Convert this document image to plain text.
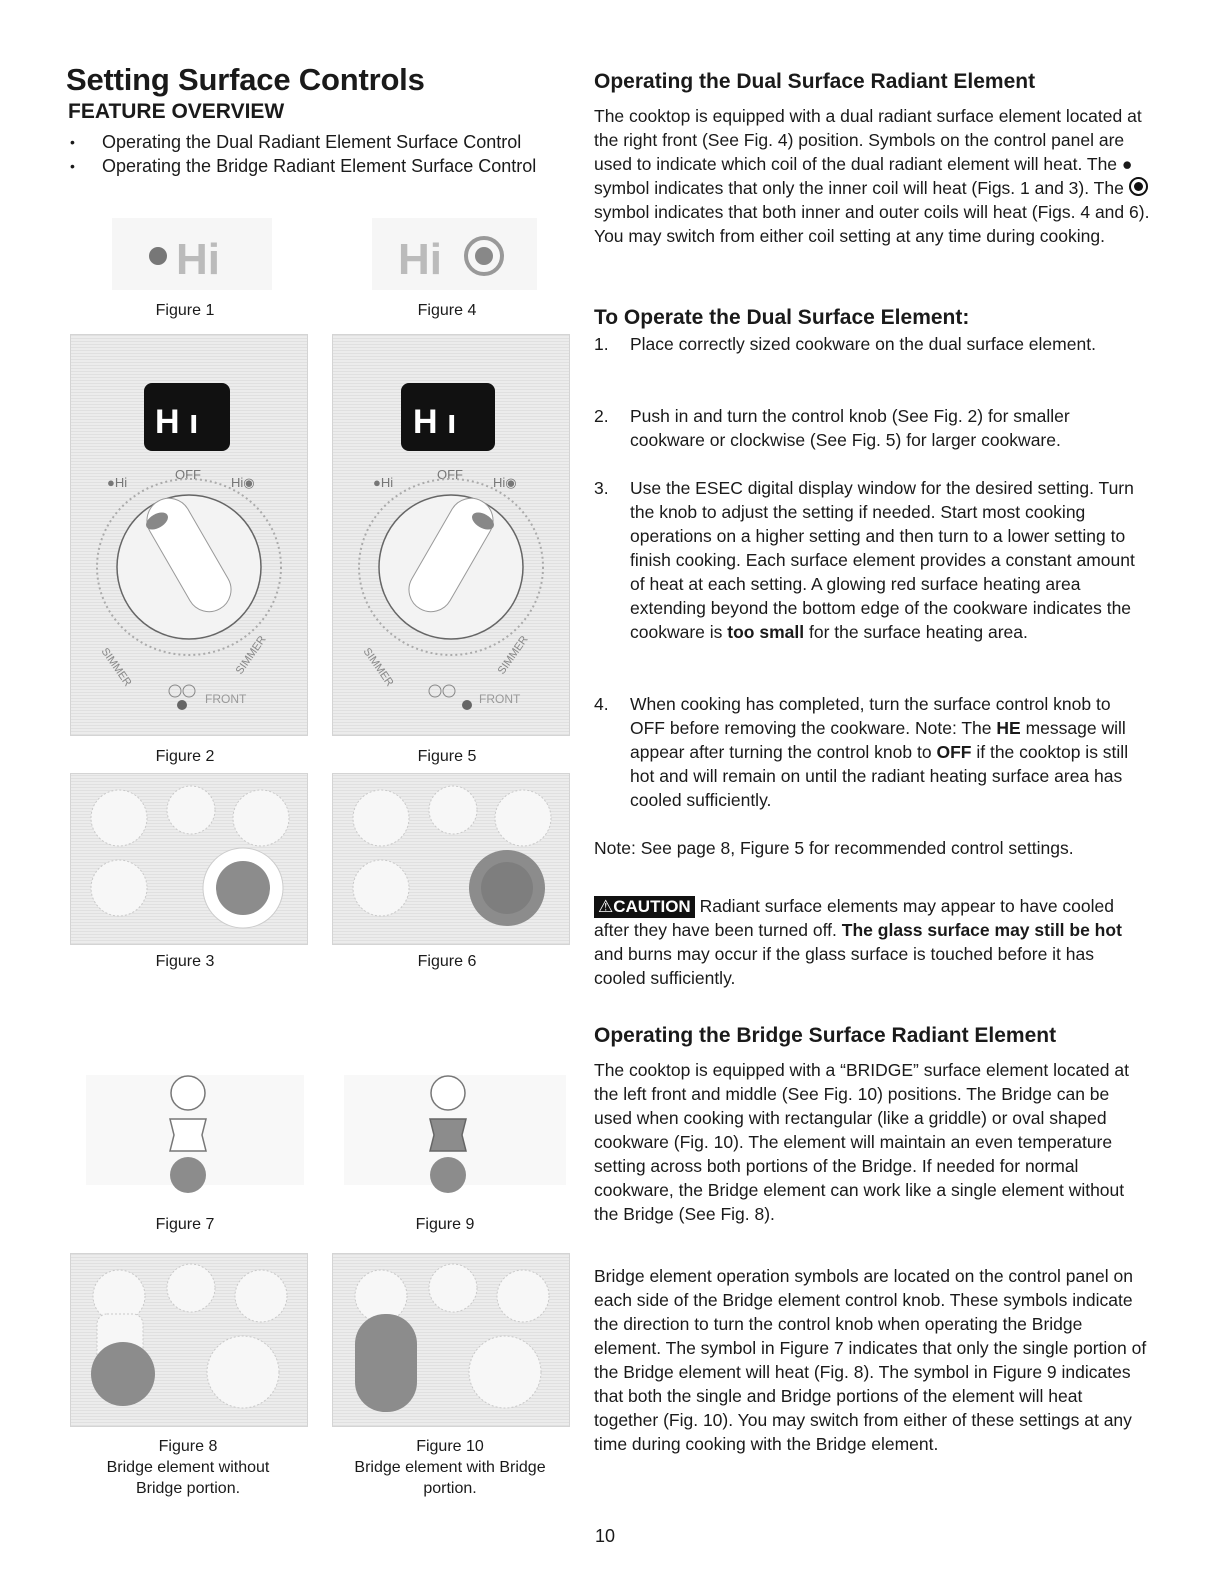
Setting Surface Controls
FEATURE OVERVIEW
• Operating the Dual Radiant Element Surface Control
• Operating the Bridge Radiant Element Surface Control
Hi
Figure 1
Hi
Figure 4
H ı
●Hi
OFF
Hi◉
SIMMER	SIMMER
FRONT
Figure 2
H ı
●Hi
OFF
Hi◉
SIMMER	SIMMER
FRONT
Figure 5
Figure 3	Figure 6
Figure 7	Figure 9
Figure 8
Bridge element without
Bridge portion.
Figure 10
Bridge element with Bridge
portion.
Operating the Dual Surface Radiant Element

The cooktop is equipped with a dual radiant surface element located at the right front (See Fig. 4) position. Symbols on the control panel are used to indicate which coil of the dual radiant element will heat. The ● symbol indicates that only the inner coil will heat (Figs. 1 and 3). The
symbol indicates that both inner and outer coils will heat (Figs. 4 and 6). You may switch from either coil setting at any time during cooking.

To Operate the Dual Surface Element:
1. Place correctly sized cookware on the dual surface element.
2. Push in and turn the control knob (See Fig. 2) for smaller cookware or clockwise (See Fig. 5) for larger cookware.
3. Use the ESEC digital display window for the desired setting. Turn the knob to adjust the setting if needed. Start most cooking operations on a higher setting and then turn to a lower setting to finish cooking. Each surface element provides a constant amount of heat at each setting. A glowing red surface heating area extending beyond the bottom edge of the cookware indicates the cookware is too small for the surface heating area.
4. When cooking has completed, turn the surface control knob to OFF before removing the cookware. Note: The HE message will appear after turning the control knob to OFF if the cooktop is still hot and will remain on until the radiant heating surface area has cooled sufficiently.

Note: See page 8, Figure 5 for recommended control settings.

⚠CAUTION Radiant surface elements may appear to have cooled after they have been turned off. The glass surface may still be hot and burns may occur if the glass surface is touched before it has cooled sufficiently.

Operating the Bridge Surface Radiant Element

The cooktop is equipped with a “BRIDGE” surface element located at the left front and middle (See Fig. 10) positions. The Bridge can be used when cooking with rectangular (like a griddle) or oval shaped cookware (Fig. 10). The element will maintain an even temperature setting across both portions of the Bridge. If needed for normal cookware, the Bridge element can work like a single element without the Bridge (See Fig. 8).

Bridge element operation symbols are located on the control panel on each side of the Bridge element control knob. These symbols indicate the direction to turn the control knob when operating the Bridge element. The symbol in Figure 7 indicates that only the single portion of the Bridge element will heat (Fig. 8). The symbol in Figure 9 indicates that both the single and Bridge portions of the element will heat together (Fig. 10). You may switch from either of these settings at any time during cooking with the Bridge element.

10
